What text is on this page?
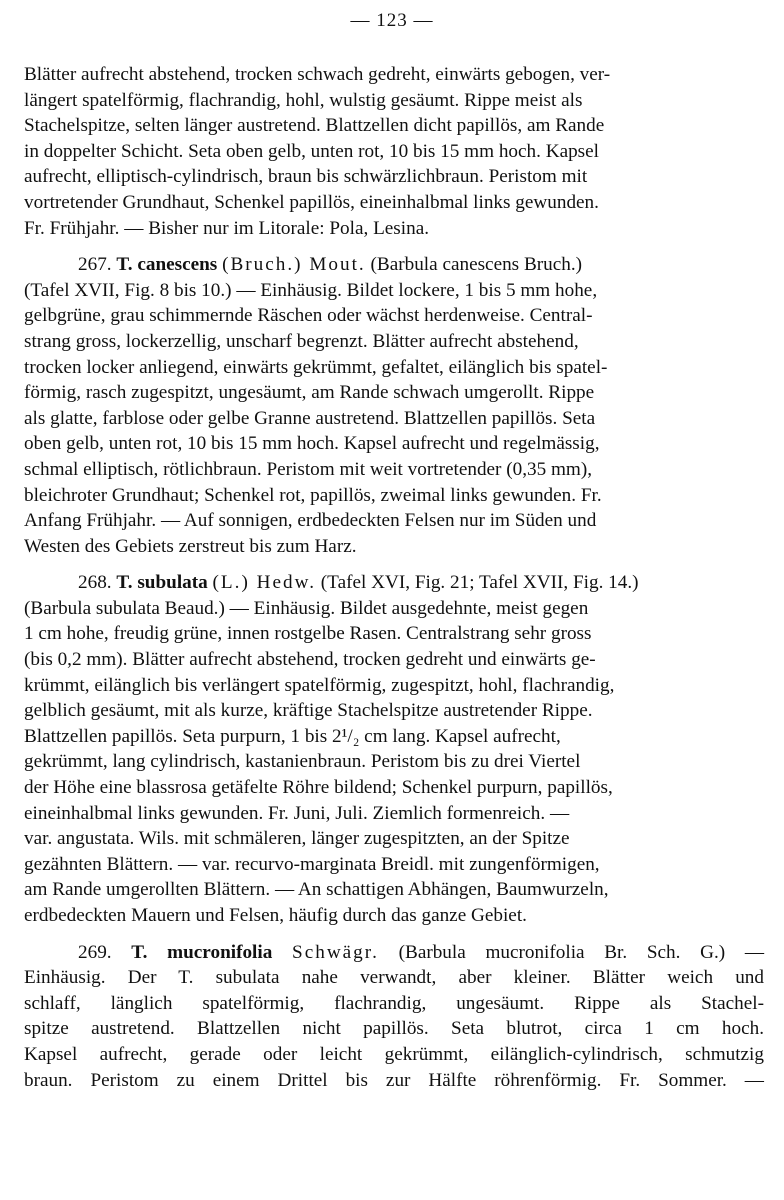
— 123 —

Blätter aufrecht abstehend, trocken schwach gedreht, einwärts gebogen, ver-
längert spatelförmig, flachrandig, hohl, wulstig gesäumt. Rippe meist als
Stachelspitze, selten länger austretend. Blattzellen dicht papillös, am Rande
in doppelter Schicht. Seta oben gelb, unten rot, 10 bis 15 mm hoch. Kapsel
aufrecht, elliptisch-cylindrisch, braun bis schwärzlichbraun. Peristom mit
vortretender Grundhaut, Schenkel papillös, eineinhalbmal links gewunden.
Fr. Frühjahr. — Bisher nur im Litorale: Pola, Lesina.

267. T. canescens (Bruch.) Mout. (Barbula canescens Bruch.)
(Tafel XVII, Fig. 8 bis 10.) — Einhäusig. Bildet lockere, 1 bis 5 mm hohe,
gelbgrüne, grau schimmernde Räschen oder wächst herdenweise. Central-
strang gross, lockerzellig, unscharf begrenzt. Blätter aufrecht abstehend,
trocken locker anliegend, einwärts gekrümmt, gefaltet, eilänglich bis spatel-
förmig, rasch zugespitzt, ungesäumt, am Rande schwach umgerollt. Rippe
als glatte, farblose oder gelbe Granne austretend. Blattzellen papillös. Seta
oben gelb, unten rot, 10 bis 15 mm hoch. Kapsel aufrecht und regelmässig,
schmal elliptisch, rötlichbraun. Peristom mit weit vortretender (0,35 mm),
bleichroter Grundhaut; Schenkel rot, papillös, zweimal links gewunden. Fr.
Anfang Frühjahr. — Auf sonnigen, erdbedeckten Felsen nur im Süden und
Westen des Gebiets zerstreut bis zum Harz.

268. T. subulata (L.) Hedw. (Tafel XVI, Fig. 21; Tafel XVII, Fig. 14.)
(Barbula subulata Beaud.) — Einhäusig. Bildet ausgedehnte, meist gegen
1 cm hohe, freudig grüne, innen rostgelbe Rasen. Centralstrang sehr gross
(bis 0,2 mm). Blätter aufrecht abstehend, trocken gedreht und einwärts ge-
krümmt, eilänglich bis verlängert spatelförmig, zugespitzt, hohl, flachrandig,
gelblich gesäumt, mit als kurze, kräftige Stachelspitze austretender Rippe.
Blattzellen papillös. Seta purpurn, 1 bis 2¹/₂ cm lang. Kapsel aufrecht,
gekrümmt, lang cylindrisch, kastanienbraun. Peristom bis zu drei Viertel
der Höhe eine blassrosa getäfelte Röhre bildend; Schenkel purpurn, papillös,
eineinhalbmal links gewunden. Fr. Juni, Juli. Ziemlich formenreich. —
var. angustata. Wils. mit schmäleren, länger zugespitzten, an der Spitze
gezähnten Blättern. — var. recurvo-marginata Breidl. mit zungenförmigen,
am Rande umgerollten Blättern. — An schattigen Abhängen, Baumwurzeln,
erdbedeckten Mauern und Felsen, häufig durch das ganze Gebiet.

269. T. mucronifolia Schwägr. (Barbula mucronifolia Br. Sch. G.) —
Einhäusig. Der T. subulata nahe verwandt, aber kleiner. Blätter weich und
schlaff, länglich spatelförmig, flachrandig, ungesäumt. Rippe als Stachel-
spitze austretend. Blattzellen nicht papillös. Seta blutrot, circa 1 cm hoch.
Kapsel aufrecht, gerade oder leicht gekrümmt, eilänglich-cylindrisch, schmutzig
braun. Peristom zu einem Drittel bis zur Hälfte röhrenförmig. Fr. Sommer. —
